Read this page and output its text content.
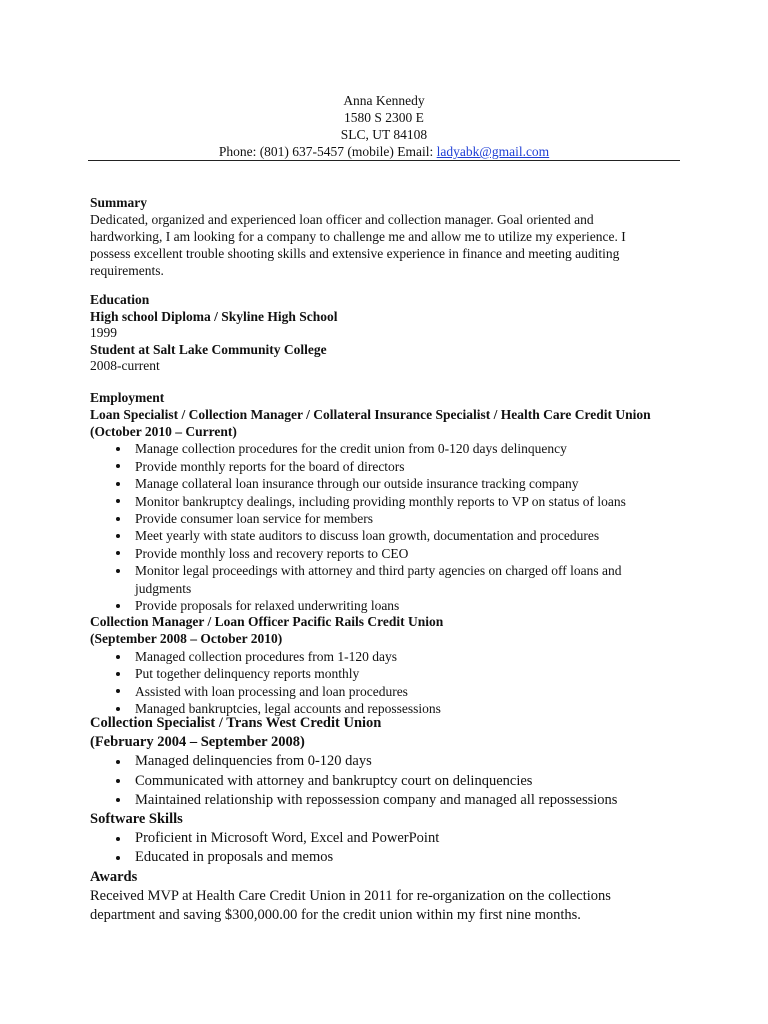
Anna Kennedy
1580 S 2300 E
SLC, UT 84108
Phone: (801) 637-5457 (mobile) Email: ladyabk@gmail.com
Summary
Dedicated, organized and experienced loan officer and collection manager. Goal oriented and
hardworking, I am looking for a company to challenge me and allow me to utilize my experience. I
possess excellent trouble shooting skills and extensive experience in finance and meeting auditing
requirements.
Education
High school Diploma / Skyline High School
1999
Student at Salt Lake Community College
2008-current
Employment
Loan Specialist / Collection Manager / Collateral Insurance Specialist / Health Care Credit Union
(October 2010 – Current)
Manage collection procedures for the credit union from 0-120 days delinquency
Provide monthly reports for the board of directors
Manage collateral loan insurance through our outside insurance tracking company
Monitor bankruptcy dealings, including providing monthly reports to VP on status of loans
Provide consumer loan service for members
Meet yearly with state auditors to discuss loan growth, documentation and procedures
Provide monthly loss and recovery reports to CEO
Monitor legal proceedings with attorney and third party agencies on charged off loans and judgments
Provide proposals for relaxed underwriting loans
Collection Manager / Loan Officer Pacific Rails Credit Union
(September 2008 – October 2010)
Managed collection procedures from 1-120 days
Put together delinquency reports monthly
Assisted with loan processing and loan procedures
Managed bankruptcies, legal accounts and repossessions
Collection Specialist / Trans West Credit Union
(February 2004 – September 2008)
Managed delinquencies from 0-120 days
Communicated with attorney and bankruptcy court on delinquencies
Maintained relationship with repossession company and managed all repossessions
Software Skills
Proficient in Microsoft Word, Excel and PowerPoint
Educated in proposals and memos
Awards
Received MVP at Health Care Credit Union in 2011 for re-organization on the collections
department and saving $300,000.00 for the credit union within my first nine months.
